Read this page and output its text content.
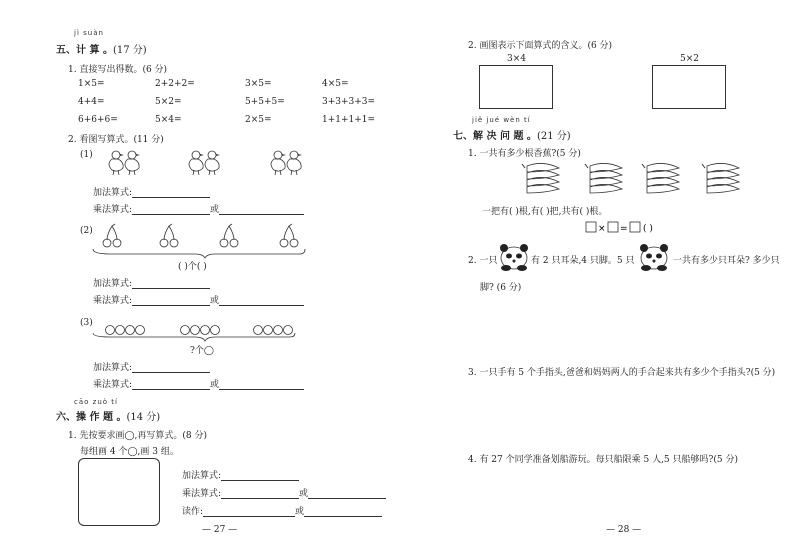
jì suàn
五、计 算 。(17 分)
1. 直接写出得数。(6 分)
1×5=	2+2+2=	3×5=	4×5=
4+4=	5×2=	5+5+5=	3+3+3+3=
6+6+6=	5×4=	2×5=	1+1+1+1=
2. 看图写算式。(11 分)
(1)
加法算式:
乘法算式:	或
(2)
( )个( )
加法算式:
乘法算式:	或
(3)
?个◯
加法算式:
乘法算式:	或
cāo zuò tí
六、操 作 题 。(14 分)
1. 先按要求画◯,再写算式。(8 分)
每组画 4 个◯,画 3 组。
加法算式:
乘法算式:	或
读作:	或
— 27 —
2. 画图表示下面算式的含义。(6 分)
3×4	5×2
jiě jué wèn tí
七、解 决 问 题 。(21 分)
1. 一共有多少根香蕉?(5 分)
一把有( )根,有( )把,共有( )根。
× = ( )
2. 一只	有 2 只耳朵,4 只脚。5 只	一共有多少只耳朵? 多少只
脚? (6 分)
3. 一只手有 5 个手指头,爸爸和妈妈两人的手合起来共有多少个手指头?(5 分)
4. 有 27 个同学准备划船游玩。每只船限乘 5 人,5 只船够吗?(5 分)
— 28 —
